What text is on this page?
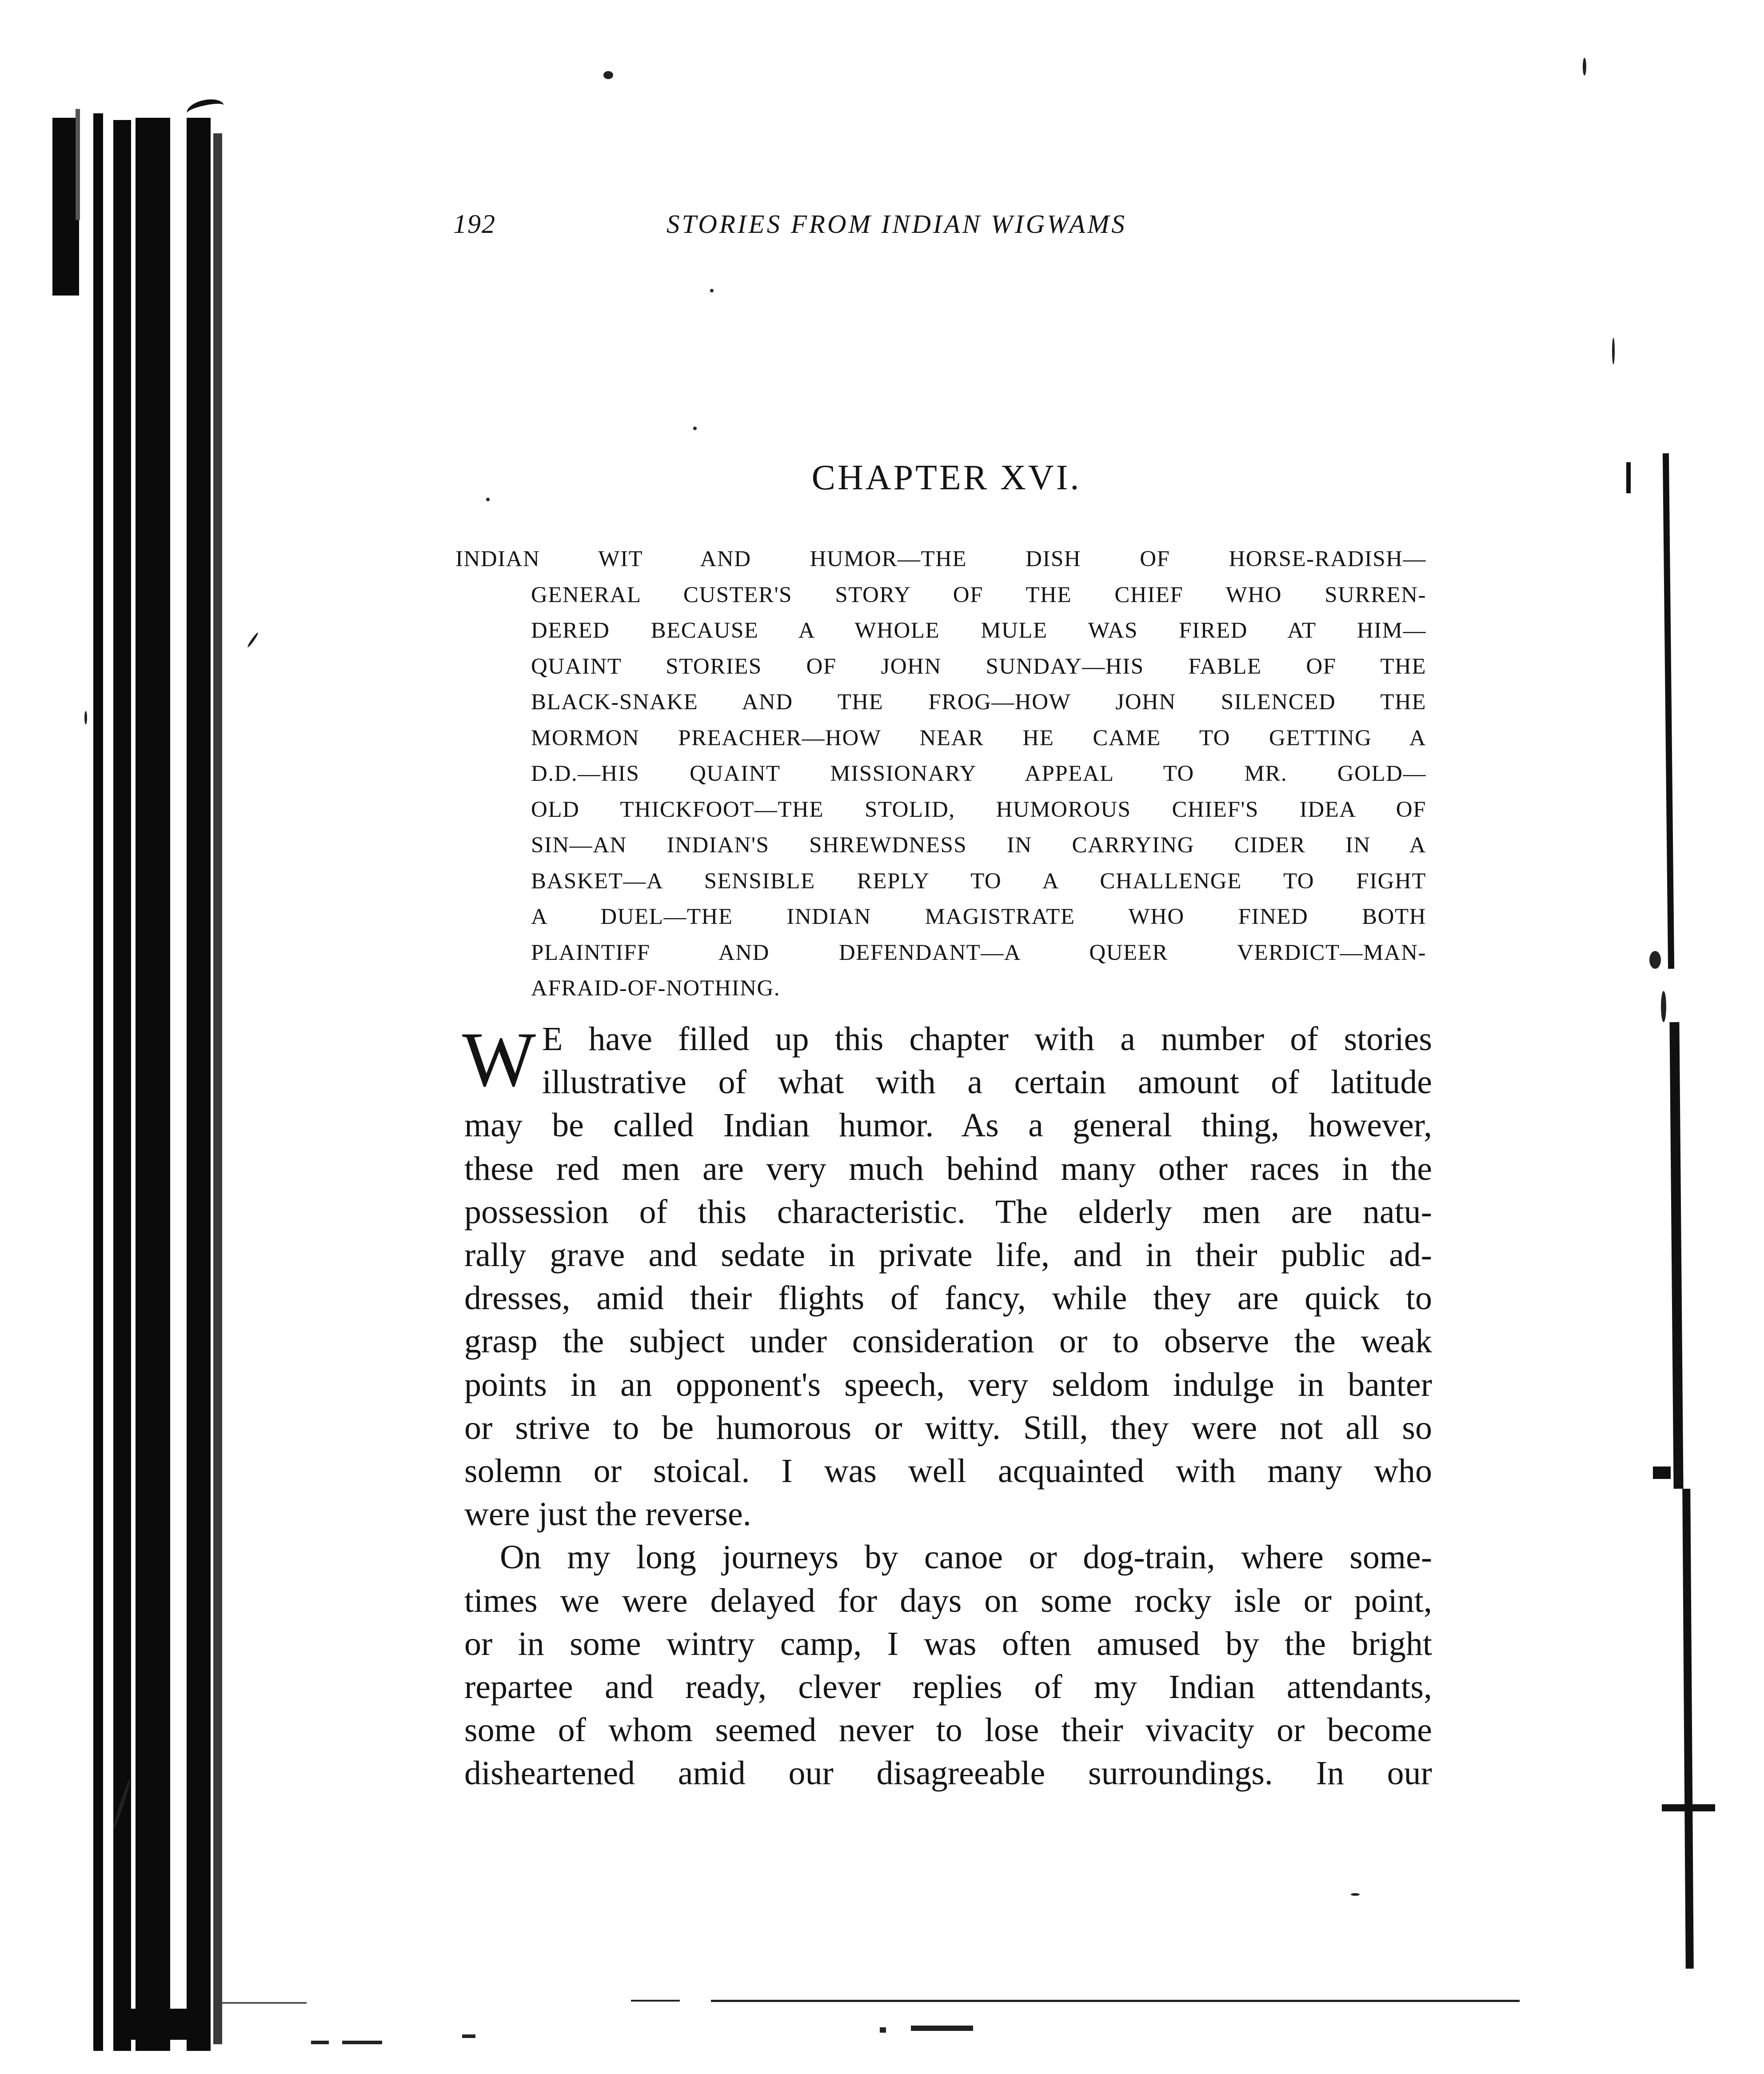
192	STORIES FROM INDIAN WIGWAMS
CHAPTER XVI.
INDIAN WIT AND HUMOR—THE DISH OF HORSE-RADISH—
GENERAL CUSTER'S STORY OF THE CHIEF WHO SURREN-
DERED BECAUSE A WHOLE MULE WAS FIRED AT HIM—
QUAINT STORIES OF JOHN SUNDAY—HIS FABLE OF THE
BLACK-SNAKE AND THE FROG—HOW JOHN SILENCED THE
MORMON PREACHER—HOW NEAR HE CAME TO GETTING A
D.D.—HIS QUAINT MISSIONARY APPEAL TO MR. GOLD—
OLD THICKFOOT—THE STOLID, HUMOROUS CHIEF'S IDEA OF
SIN—AN INDIAN'S SHREWDNESS IN CARRYING CIDER IN A
BASKET—A SENSIBLE REPLY TO A CHALLENGE TO FIGHT
A DUEL—THE INDIAN MAGISTRATE WHO FINED BOTH
PLAINTIFF AND DEFENDANT—A QUEER VERDICT—MAN-
AFRAID-OF-NOTHING.
W E have filled up this chapter with a number of stories
illustrative of what with a certain amount of latitude
may be called Indian humor. As a general thing, however,
these red men are very much behind many other races in the
possession of this characteristic. The elderly men are natu-
rally grave and sedate in private life, and in their public ad-
dresses, amid their flights of fancy, while they are quick to
grasp the subject under consideration or to observe the weak
points in an opponent's speech, very seldom indulge in banter
or strive to be humorous or witty. Still, they were not all so
solemn or stoical. I was well acquainted with many who
were just the reverse.
On my long journeys by canoe or dog-train, where some-
times we were delayed for days on some rocky isle or point,
or in some wintry camp, I was often amused by the bright
repartee and ready, clever replies of my Indian attendants,
some of whom seemed never to lose their vivacity or become
disheartened amid our disagreeable surroundings. In our
